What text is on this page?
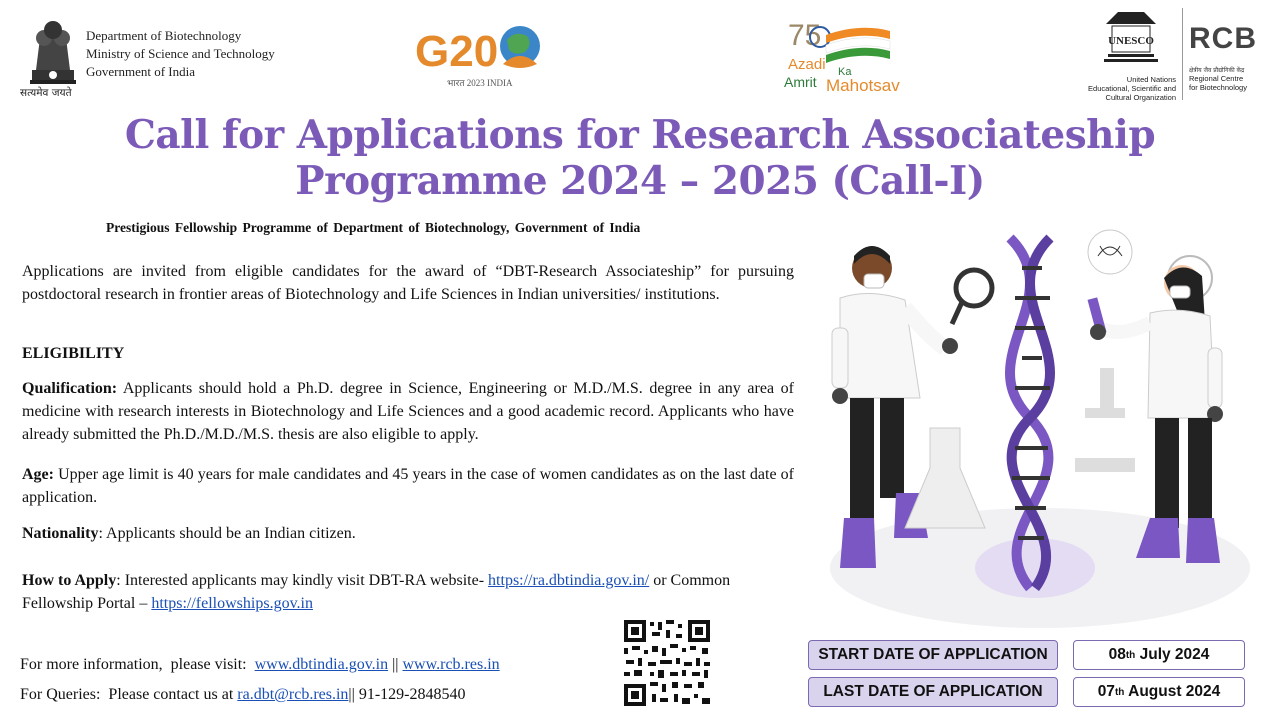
Department of Biotechnology
Ministry of Science and Technology
Government of India
सत्यमेव जयते
G20
भारत 2023 INDIA
75
Azadi Ka
Amrit Mahotsav
UNESCO
United Nations
Educational, Scientific and
Cultural Organization
RCB
क्षेत्रीय जैव प्रौद्योगिकी केंद्र
Regional Centre
for Biotechnology
Call for Applications for Research Associateship
Programme 2024 – 2025 (Call-I)
Prestigious Fellowship Programme of Department of Biotechnology, Government of India
Applications are invited from eligible candidates for the award of “DBT-Research Associateship” for pursuing postdoctoral research in frontier areas of Biotechnology and Life Sciences in Indian universities/ institutions.
ELIGIBILITY
Qualification: Applicants should hold a Ph.D. degree in Science, Engineering or M.D./M.S. degree in any area of medicine with research interests in Biotechnology and Life Sciences and a good academic record. Applicants who have already submitted the Ph.D./M.D./M.S. thesis are also eligible to apply.
Age: Upper age limit is 40 years for male candidates and 45 years in the case of women candidates as on the last date of application.
Nationality: Applicants should be an Indian citizen.
How to Apply: Interested applicants may kindly visit DBT-RA website- https://ra.dbtindia.gov.in/ or Common Fellowship Portal – https://fellowships.gov.in
For more information,  please visit:  www.dbtindia.gov.in || www.rcb.res.in
For Queries:  Please contact us at ra.dbt@rcb.res.in|| 91-129-2848540
START DATE OF APPLICATION	08 th July 2024
LAST DATE OF APPLICATION	07 th August 2024
